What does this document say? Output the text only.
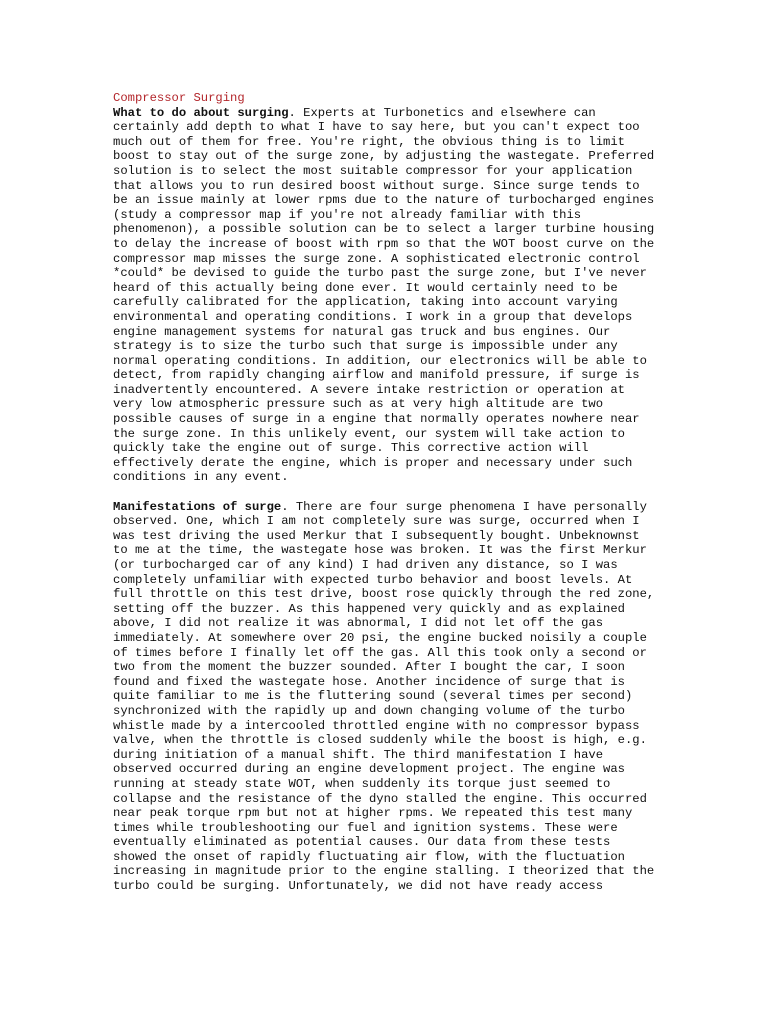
Compressor Surging

What to do about surging. Experts at Turbonetics and elsewhere can certainly add depth to what I have to say here, but you can't expect too much out of them for free. You're right, the obvious thing is to limit boost to stay out of the surge zone, by adjusting the wastegate. Preferred solution is to select the most suitable compressor for your application that allows you to run desired boost without surge. Since surge tends to be an issue mainly at lower rpms due to the nature of turbocharged engines (study a compressor map if you're not already familiar with this phenomenon), a possible solution can be to select a larger turbine housing to delay the increase of boost with rpm so that the WOT boost curve on the compressor map misses the surge zone. A sophisticated electronic control *could* be devised to guide the turbo past the surge zone, but I've never heard of this actually being done ever. It would certainly need to be carefully calibrated for the application, taking into account varying environmental and operating conditions. I work in a group that develops engine management systems for natural gas truck and bus engines. Our strategy is to size the turbo such that surge is impossible under any normal operating conditions. In addition, our electronics will be able to detect, from rapidly changing airflow and manifold pressure, if surge is inadvertently encountered. A severe intake restriction or operation at very low atmospheric pressure such as at very high altitude are two possible causes of surge in a engine that normally operates nowhere near the surge zone. In this unlikely event, our system will take action to quickly take the engine out of surge. This corrective action will effectively derate the engine, which is proper and necessary under such conditions in any event.

Manifestations of surge. There are four surge phenomena I have personally observed. One, which I am not completely sure was surge, occurred when I was test driving the used Merkur that I subsequently bought. Unbeknownst to me at the time, the wastegate hose was broken. It was the first Merkur (or turbocharged car of any kind) I had driven any distance, so I was completely unfamiliar with expected turbo behavior and boost levels. At full throttle on this test drive, boost rose quickly through the red zone, setting off the buzzer. As this happened very quickly and as explained above, I did not realize it was abnormal, I did not let off the gas immediately. At somewhere over 20 psi, the engine bucked noisily a couple of times before I finally let off the gas. All this took only a second or two from the moment the buzzer sounded. After I bought the car, I soon found and fixed the wastegate hose. Another incidence of surge that is quite familiar to me is the fluttering sound (several times per second) synchronized with the rapidly up and down changing volume of the turbo whistle made by a intercooled throttled engine with no compressor bypass valve, when the throttle is closed suddenly while the boost is high, e.g. during initiation of a manual shift. The third manifestation I have observed occurred during an engine development project. The engine was running at steady state WOT, when suddenly its torque just seemed to collapse and the resistance of the dyno stalled the engine. This occurred near peak torque rpm but not at higher rpms. We repeated this test many times while troubleshooting our fuel and ignition systems. These were eventually eliminated as potential causes. Our data from these tests showed the onset of rapidly fluctuating air flow, with the fluctuation increasing in magnitude prior to the engine stalling. I theorized that the turbo could be surging. Unfortunately, we did not have ready access
